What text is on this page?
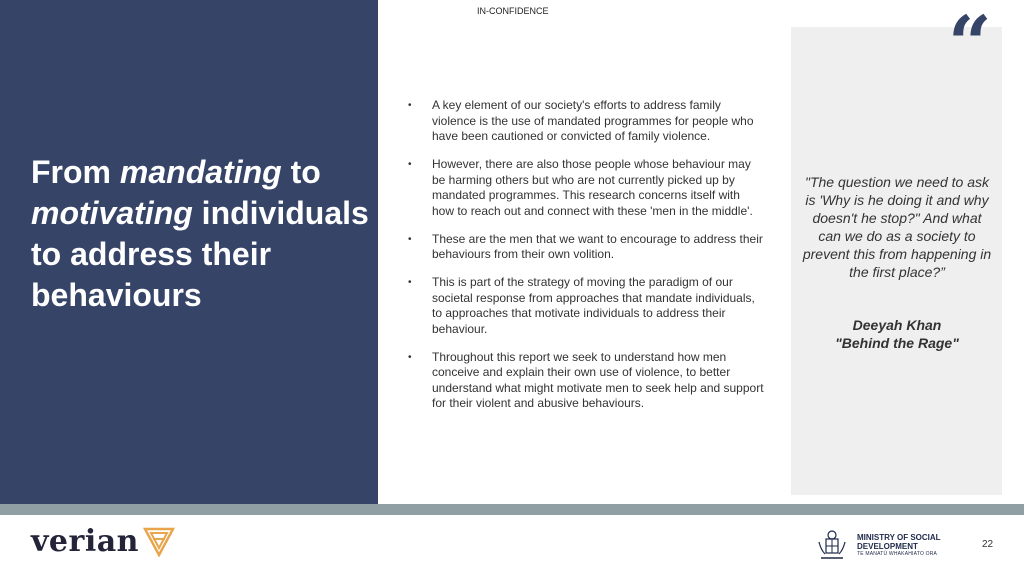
From mandating to motivating individuals to address their behaviours
IN-CONFIDENCE
• A key element of our society's efforts to address family violence is the use of mandated programmes for people who have been cautioned or convicted of family violence.
• However, there are also those people whose behaviour may be harming others but who are not currently picked up by mandated programmes. This research concerns itself with how to reach out and connect with these 'men in the middle'.
• These are the men that we want to encourage to address their behaviours from their own volition.
• This is part of the strategy of moving the paradigm of our societal response from approaches that mandate individuals, to approaches that motivate individuals to address their behaviour.
• Throughout this report we seek to understand how men conceive and explain their own use of violence, to better understand what might motivate men to seek help and support for their violent and abusive behaviours.
“
"The question we need to ask is 'Why is he doing it and why doesn't he stop?" And what can we do as a society to prevent this from happening in the first place?”
Deeyah Khan
"Behind the Rage"
verian	MINISTRY OF SOCIAL
DEVELOPMENT
TE MANATŪ WHAKAHIATO ORA
22
